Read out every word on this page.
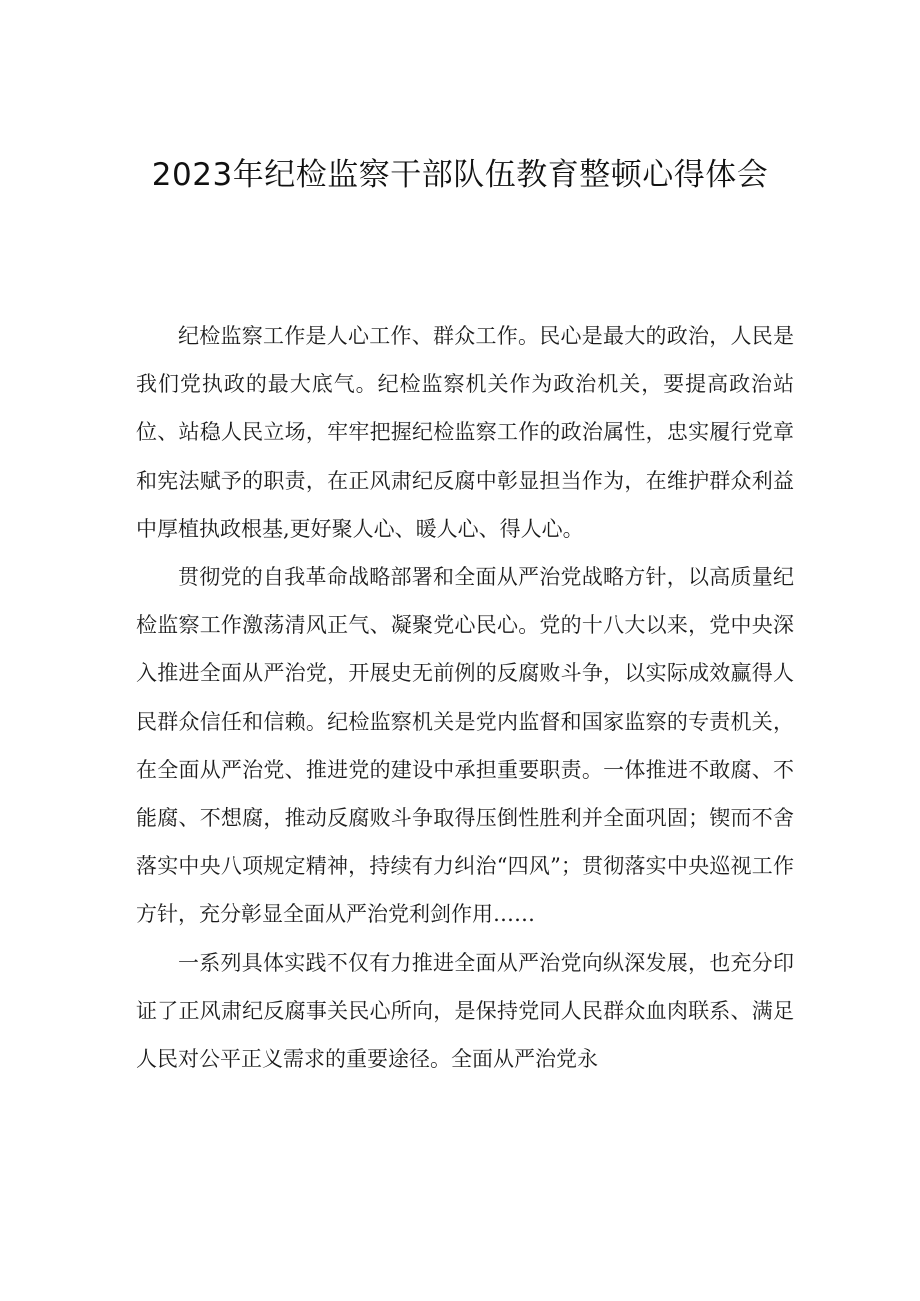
2023年纪检监察干部队伍教育整顿心得体会

纪检监察工作是人心工作、群众工作。民心是最大的政治，人民是我们党执政的最大底气。纪检监察机关作为政治机关，要提高政治站位、站稳人民立场，牢牢把握纪检监察工作的政治属性，忠实履行党章和宪法赋予的职责，在正风肃纪反腐中彰显担当作为，在维护群众利益中厚植执政根基,更好聚人心、暖人心、得人心。

贯彻党的自我革命战略部署和全面从严治党战略方针，以高质量纪检监察工作激荡清风正气、凝聚党心民心。党的十八大以来，党中央深入推进全面从严治党，开展史无前例的反腐败斗争，以实际成效赢得人民群众信任和信赖。纪检监察机关是党内监督和国家监察的专责机关，在全面从严治党、推进党的建设中承担重要职责。一体推进不敢腐、不能腐、不想腐，推动反腐败斗争取得压倒性胜利并全面巩固；锲而不舍落实中央八项规定精神，持续有力纠治“四风”；贯彻落实中央巡视工作方针，充分彰显全面从严治党利剑作用……

一系列具体实践不仅有力推进全面从严治党向纵深发展，也充分印证了正风肃纪反腐事关民心所向，是保持党同人民群众血肉联系、满足人民对公平正义需求的重要途径。全面从严治党永
